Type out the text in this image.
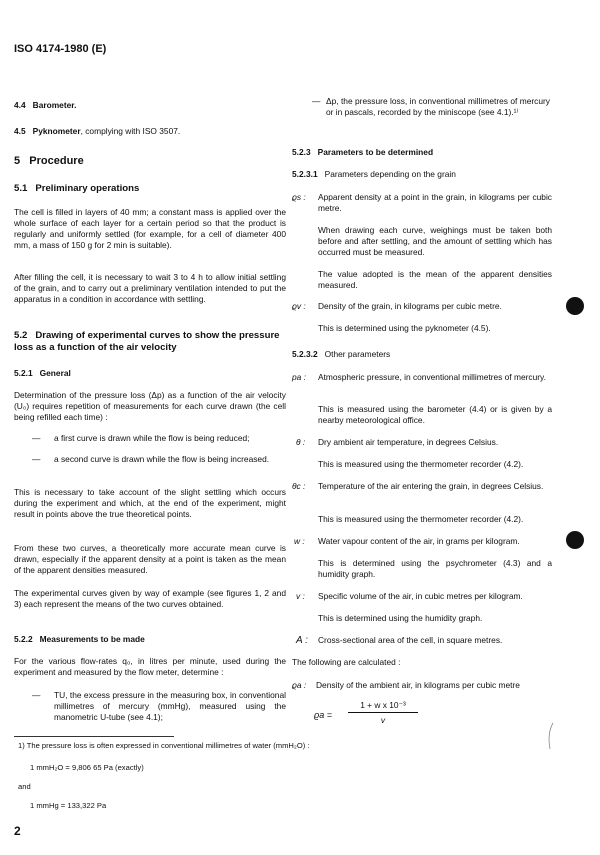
ISO 4174-1980 (E)
4.4 Barometer.
4.5 Pyknometer, complying with ISO 3507.
5 Procedure
5.1 Preliminary operations

The cell is filled in layers of 40 mm; a constant mass is applied over the whole surface of each layer for a certain period so that the product is regularly and uniformly settled (for example, for a cell of diameter 400 mm, a mass of 150 g for 2 min is suitable).

After filling the cell, it is necessary to wait 3 to 4 h to allow initial settling of the grain, and to carry out a preliminary ventilation intended to put the apparatus in a condition in accordance with settling.

5.2 Drawing of experimental curves to show the pressure loss as a function of the air velocity
5.2.1 General

Determination of the pressure loss (Δp) as a function of the air velocity (U₀) requires repetition of measurements for each curve drawn (the cell being refilled each time) :

— a first curve is drawn while the flow is being reduced;

— a second curve is drawn while the flow is being increased.

This is necessary to take account of the slight settling which occurs during the experiment and which, at the end of the experiment, might result in points above the true theoretical points.

From these two curves, a theoretically more accurate mean curve is drawn, especially if the apparent density at a point is taken as the mean of the apparent densities measured.

The experimental curves given by way of example (see figures 1, 2 and 3) each represent the means of the two curves obtained.

5.2.2 Measurements to be made

For the various flow-rates q₀, in litres per minute, used during the experiment and measured by the flow meter, determine :

— TU, the excess pressure in the measuring box, in conventional millimetres of mercury (mmHg), measured using the manometric U-tube (see 4.1);

— Δp, the pressure loss, in conventional millimetres of mercury or in pascals, recorded by the miniscope (see 4.1).¹⁾

5.2.3 Parameters to be determined
5.2.3.1 Parameters depending on the grain
ϱs : Apparent density at a point in the grain, in kilograms per cubic metre.

When drawing each curve, weighings must be taken both before and after settling, and the amount of settling which has occurred must be measured.

The value adopted is the mean of the apparent densities measured.

ϱv : Density of the grain, in kilograms per cubic metre.

This is determined using the pyknometer (4.5).

5.2.3.2 Other parameters
pa : Atmospheric pressure, in conventional millimetres of mercury.

This is measured using the barometer (4.4) or is given by a nearby meteorological office.

θ : Dry ambient air temperature, in degrees Celsius.

This is measured using the thermometer recorder (4.2).

θc : Temperature of the air entering the grain, in degrees Celsius.

This is measured using the thermometer recorder (4.2).

w : Water vapour content of the air, in grams per kilogram.

This is determined using the psychrometer (4.3) and a humidity graph.

v : Specific volume of the air, in cubic metres per kilogram.

This is determined using the humidity graph.

A : Cross-sectional area of the cell, in square metres.

The following are calculated :

ϱa : Density of the ambient air, in kilograms per cubic metre

ϱa =
1 + w x 10⁻³
v

1) The pressure loss is often expressed in conventional millimetres of water (mmH₂O) :

1 mmH₂O = 9,806 65 Pa (exactly)

and

1 mmHg = 133,322 Pa

2
